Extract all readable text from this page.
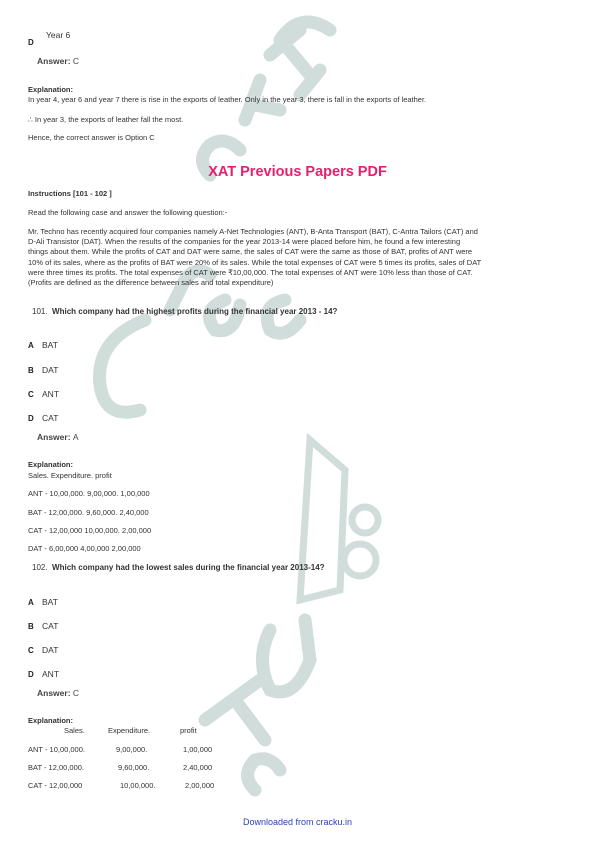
D
Year 6
Answer: C
Explanation:
In year 4, year 6 and year 7 there is rise in the exports of leather. Only in the year 3, there is fall in the exports of leather.
∴ In year 3, the exports of leather fall the most.
Hence, the correct answer is Option C
XAT Previous Papers PDF
Instructions [101 - 102 ]
Read the following case and answer the following question:-
Mr. Techno has recently acquired four companies namely A-Net Technologies (ANT), B-Anta Transport (BAT), C-Antra Tailors (CAT) and
D-Ali Transistor (DAT). When the results of the companies for the year 2013-14 were placed before him, he found a few interesting
things about them. While the profits of CAT and DAT were same, the sales of CAT were the same as those of BAT, profits of ANT were
10% of its sales, where as the profits of BAT were 20% of its sales. While the total expenses of CAT were 5 times its profits, sales of DAT
were three times its profits. The total expenses of CAT were ₹10,00,000. The total expenses of ANT were 10% less than those of CAT.
(Profits are defined as the difference between sales and total expenditure)
101. Which company had the highest profits during the financial year 2013 - 14?
A BAT
B DAT
C ANT
D CAT
Answer: A
Explanation:
Sales. Expenditure. profit
ANT - 10,00,000. 9,00,000. 1,00,000
BAT - 12,00,000. 9,60,000. 2,40,000
CAT - 12,00,000 10,00,000. 2,00,000
DAT - 6,00,000 4,00,000 2,00,000
102. Which company had the lowest sales during the financial year 2013-14?
A BAT
B CAT
C DAT
D ANT
Answer: C
Explanation:
Sales.	Expenditure.	profit
ANT - 10,00,000.	9,00,000.	1,00,000
BAT - 12,00,000.	9,60,000.	2,40,000
CAT - 12,00,000	10,00,000.	2,00,000
Downloaded from cracku.in
